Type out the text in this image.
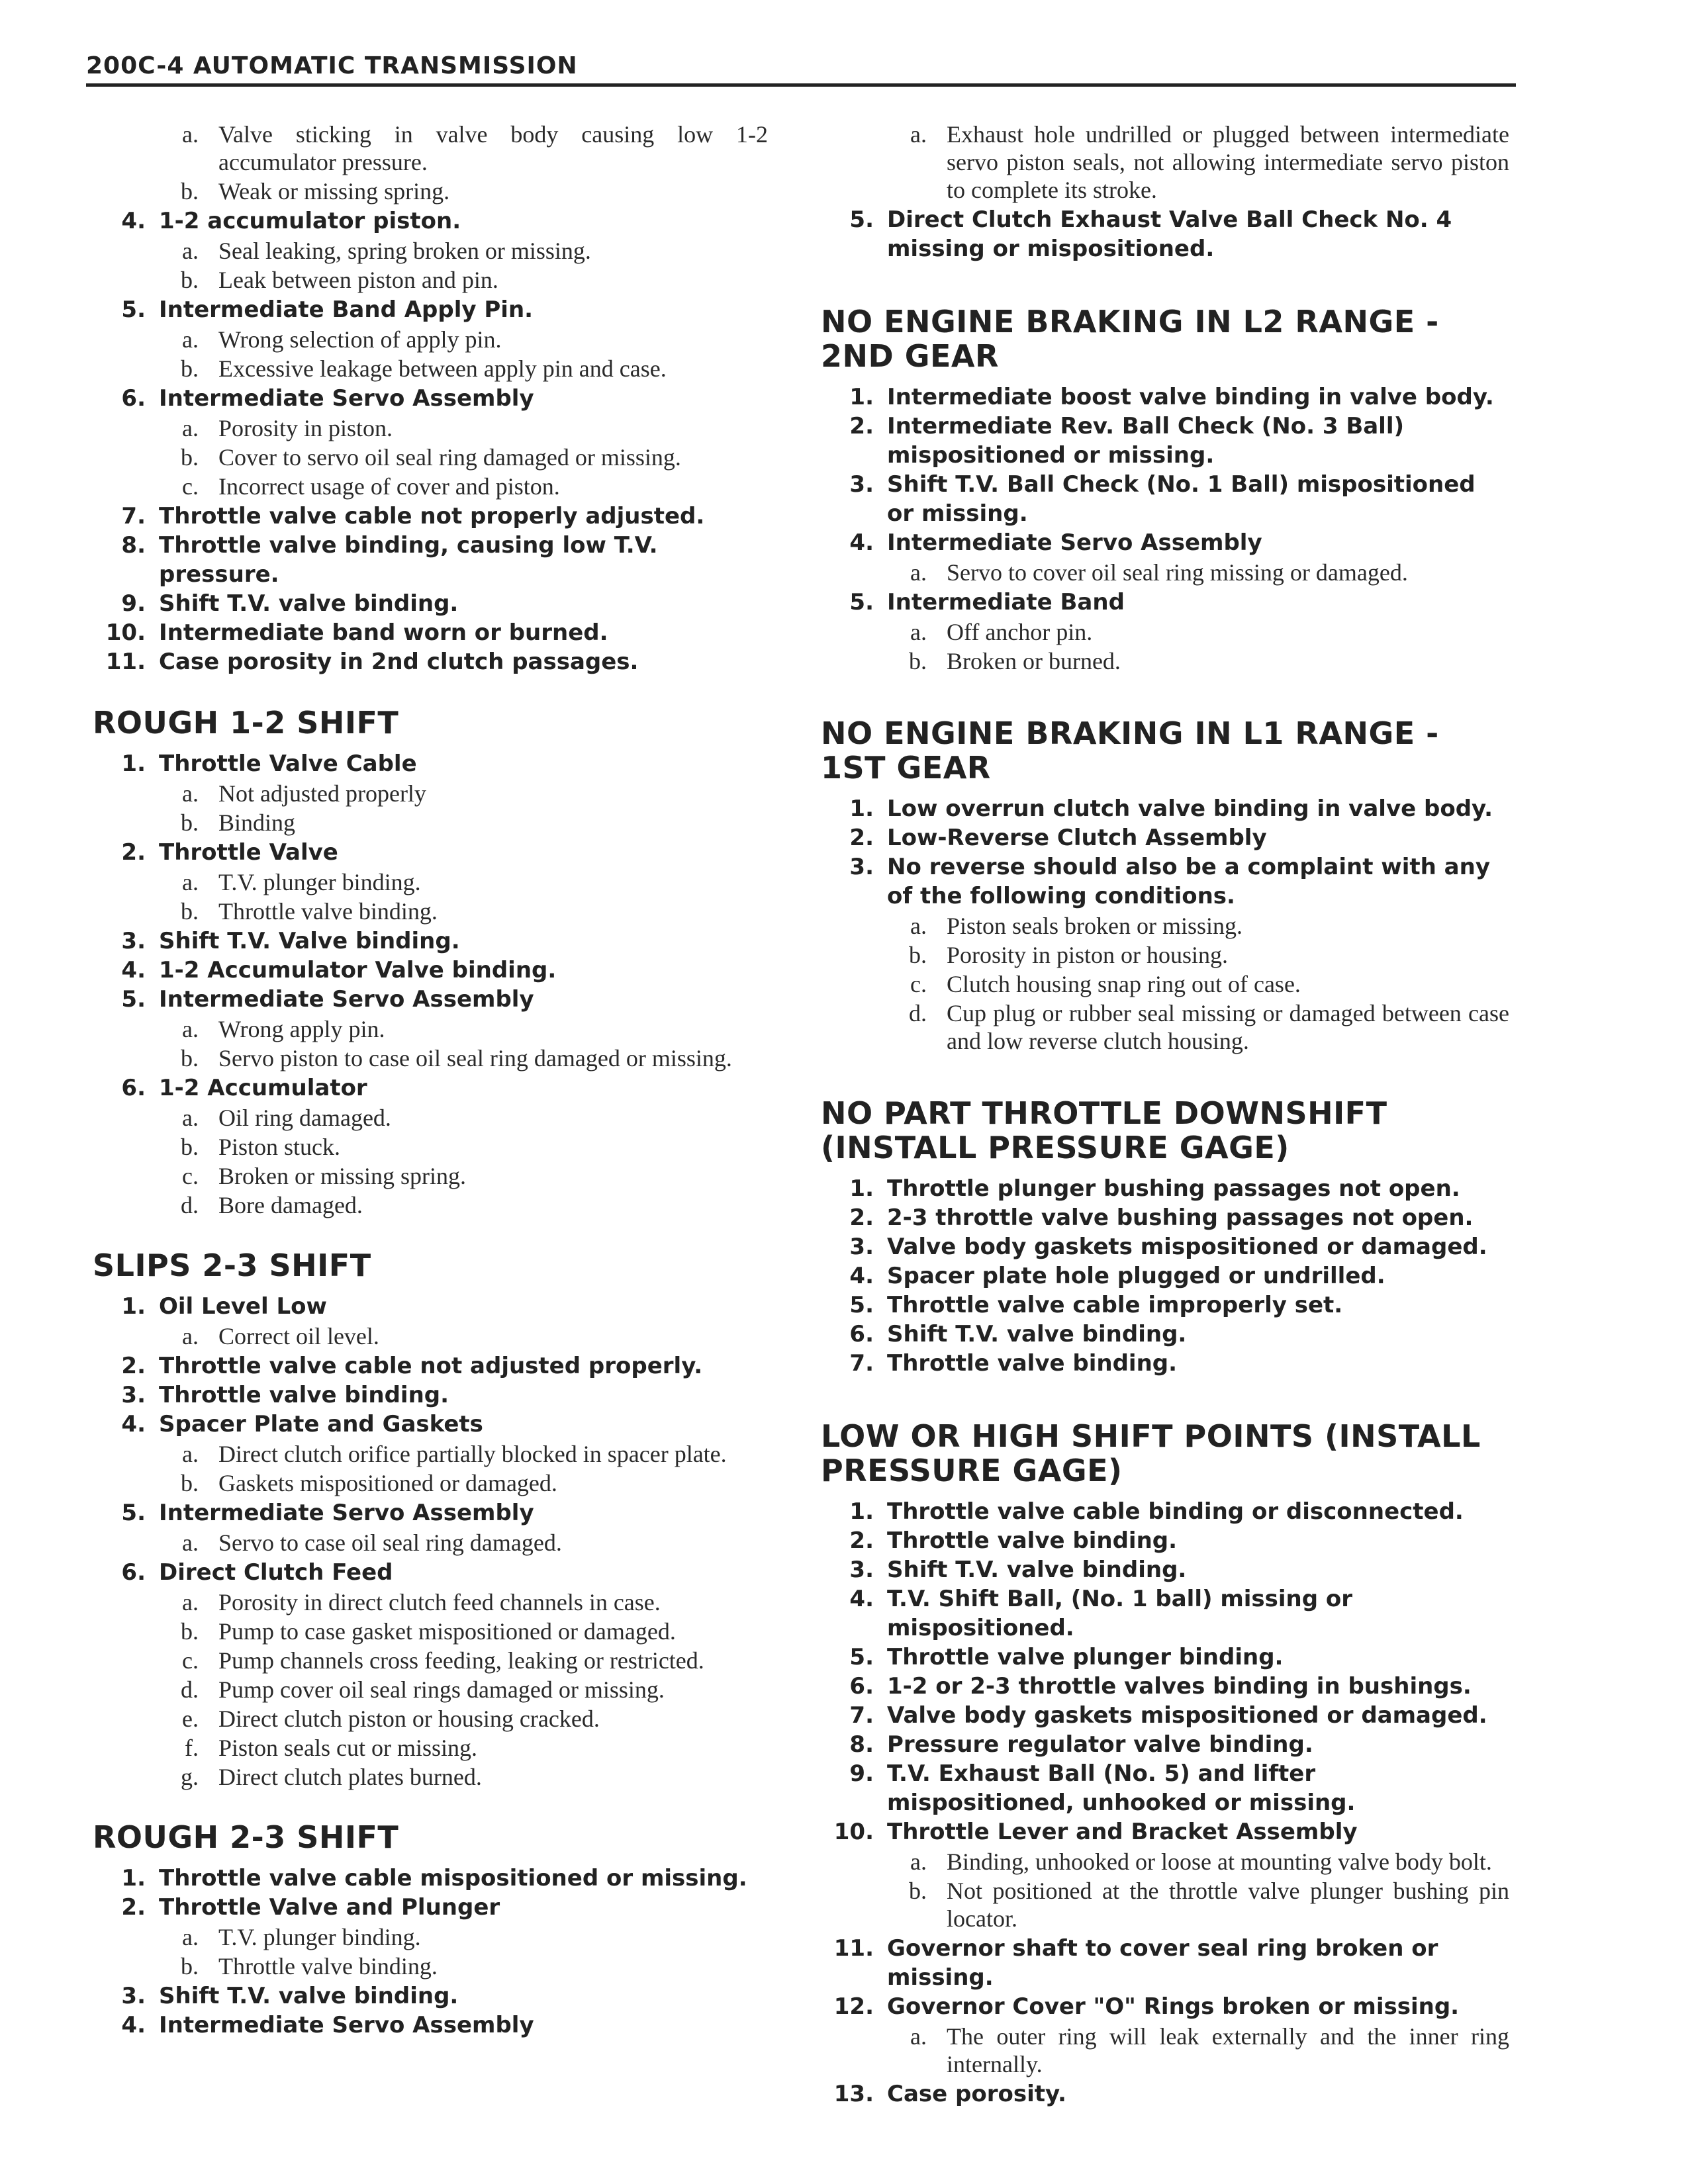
200C-4 AUTOMATIC TRANSMISSION
a. Valve sticking in valve body causing low 1-2 accumulator pressure.
b. Weak or missing spring.
4. 1-2 accumulator piston.
a. Seal leaking, spring broken or missing.
b. Leak between piston and pin.
5. Intermediate Band Apply Pin.
a. Wrong selection of apply pin.
b. Excessive leakage between apply pin and case.
6. Intermediate Servo Assembly
a. Porosity in piston.
b. Cover to servo oil seal ring damaged or missing.
c. Incorrect usage of cover and piston.
7. Throttle valve cable not properly adjusted.
8. Throttle valve binding, causing low T.V. pressure.
9. Shift T.V. valve binding.
10. Intermediate band worn or burned.
11. Case porosity in 2nd clutch passages.
ROUGH 1-2 SHIFT
1. Throttle Valve Cable
a. Not adjusted properly
b. Binding
2. Throttle Valve
a. T.V. plunger binding.
b. Throttle valve binding.
3. Shift T.V. Valve binding.
4. 1-2 Accumulator Valve binding.
5. Intermediate Servo Assembly
a. Wrong apply pin.
b. Servo piston to case oil seal ring damaged or missing.
6. 1-2 Accumulator
a. Oil ring damaged.
b. Piston stuck.
c. Broken or missing spring.
d. Bore damaged.
SLIPS 2-3 SHIFT
1. Oil Level Low
a. Correct oil level.
2. Throttle valve cable not adjusted properly.
3. Throttle valve binding.
4. Spacer Plate and Gaskets
a. Direct clutch orifice partially blocked in spacer plate.
b. Gaskets mispositioned or damaged.
5. Intermediate Servo Assembly
a. Servo to case oil seal ring damaged.
6. Direct Clutch Feed
a. Porosity in direct clutch feed channels in case.
b. Pump to case gasket mispositioned or damaged.
c. Pump channels cross feeding, leaking or restricted.
d. Pump cover oil seal rings damaged or missing.
e. Direct clutch piston or housing cracked.
f. Piston seals cut or missing.
g. Direct clutch plates burned.
ROUGH 2-3 SHIFT
1. Throttle valve cable mispositioned or missing.
2. Throttle Valve and Plunger
a. T.V. plunger binding.
b. Throttle valve binding.
3. Shift T.V. valve binding.
4. Intermediate Servo Assembly
a. Exhaust hole undrilled or plugged between intermediate servo piston seals, not allowing intermediate servo piston to complete its stroke.
5. Direct Clutch Exhaust Valve Ball Check No. 4 missing or mispositioned.
NO ENGINE BRAKING IN L2 RANGE - 2ND GEAR
1. Intermediate boost valve binding in valve body.
2. Intermediate Rev. Ball Check (No. 3 Ball) mispositioned or missing.
3. Shift T.V. Ball Check (No. 1 Ball) mispositioned or missing.
4. Intermediate Servo Assembly
a. Servo to cover oil seal ring missing or damaged.
5. Intermediate Band
a. Off anchor pin.
b. Broken or burned.
NO ENGINE BRAKING IN L1 RANGE - 1ST GEAR
1. Low overrun clutch valve binding in valve body.
2. Low-Reverse Clutch Assembly
3. No reverse should also be a complaint with any of the following conditions.
a. Piston seals broken or missing.
b. Porosity in piston or housing.
c. Clutch housing snap ring out of case.
d. Cup plug or rubber seal missing or damaged between case and low reverse clutch housing.
NO PART THROTTLE DOWNSHIFT (INSTALL PRESSURE GAGE)
1. Throttle plunger bushing passages not open.
2. 2-3 throttle valve bushing passages not open.
3. Valve body gaskets mispositioned or damaged.
4. Spacer plate hole plugged or undrilled.
5. Throttle valve cable improperly set.
6. Shift T.V. valve binding.
7. Throttle valve binding.
LOW OR HIGH SHIFT POINTS (INSTALL PRESSURE GAGE)
1. Throttle valve cable binding or disconnected.
2. Throttle valve binding.
3. Shift T.V. valve binding.
4. T.V. Shift Ball, (No. 1 ball) missing or mispositioned.
5. Throttle valve plunger binding.
6. 1-2 or 2-3 throttle valves binding in bushings.
7. Valve body gaskets mispositioned or damaged.
8. Pressure regulator valve binding.
9. T.V. Exhaust Ball (No. 5) and lifter mispositioned, unhooked or missing.
10. Throttle Lever and Bracket Assembly
a. Binding, unhooked or loose at mounting valve body bolt.
b. Not positioned at the throttle valve plunger bushing pin locator.
11. Governor shaft to cover seal ring broken or missing.
12. Governor Cover "O" Rings broken or missing.
a. The outer ring will leak externally and the inner ring internally.
13. Case porosity.
